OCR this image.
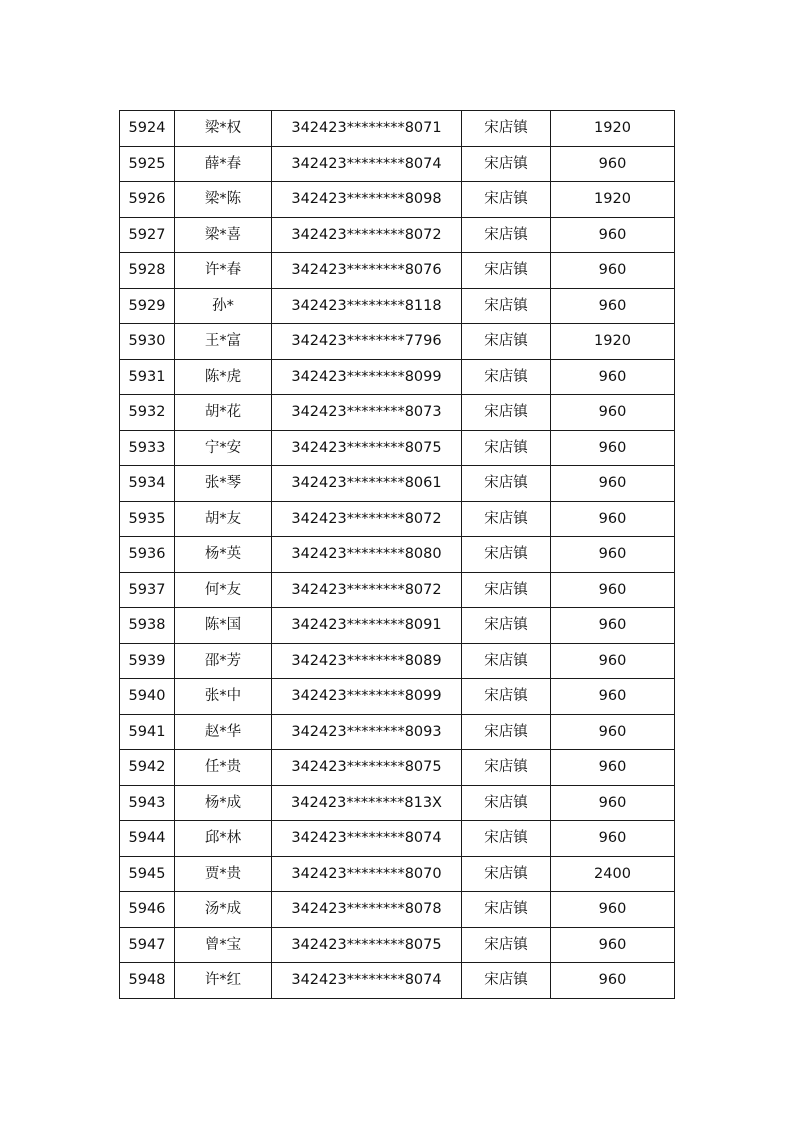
5924	梁*权	342423********8071	宋店镇	1920
5925	薛*春	342423********8074	宋店镇	960
5926	梁*陈	342423********8098	宋店镇	1920
5927	梁*喜	342423********8072	宋店镇	960
5928	许*春	342423********8076	宋店镇	960
5929	孙*	342423********8118	宋店镇	960
5930	王*富	342423********7796	宋店镇	1920
5931	陈*虎	342423********8099	宋店镇	960
5932	胡*花	342423********8073	宋店镇	960
5933	宁*安	342423********8075	宋店镇	960
5934	张*琴	342423********8061	宋店镇	960
5935	胡*友	342423********8072	宋店镇	960
5936	杨*英	342423********8080	宋店镇	960
5937	何*友	342423********8072	宋店镇	960
5938	陈*国	342423********8091	宋店镇	960
5939	邵*芳	342423********8089	宋店镇	960
5940	张*中	342423********8099	宋店镇	960
5941	赵*华	342423********8093	宋店镇	960
5942	任*贵	342423********8075	宋店镇	960
5943	杨*成	342423********813X	宋店镇	960
5944	邱*林	342423********8074	宋店镇	960
5945	贾*贵	342423********8070	宋店镇	2400
5946	汤*成	342423********8078	宋店镇	960
5947	曾*宝	342423********8075	宋店镇	960
5948	许*红	342423********8074	宋店镇	960
